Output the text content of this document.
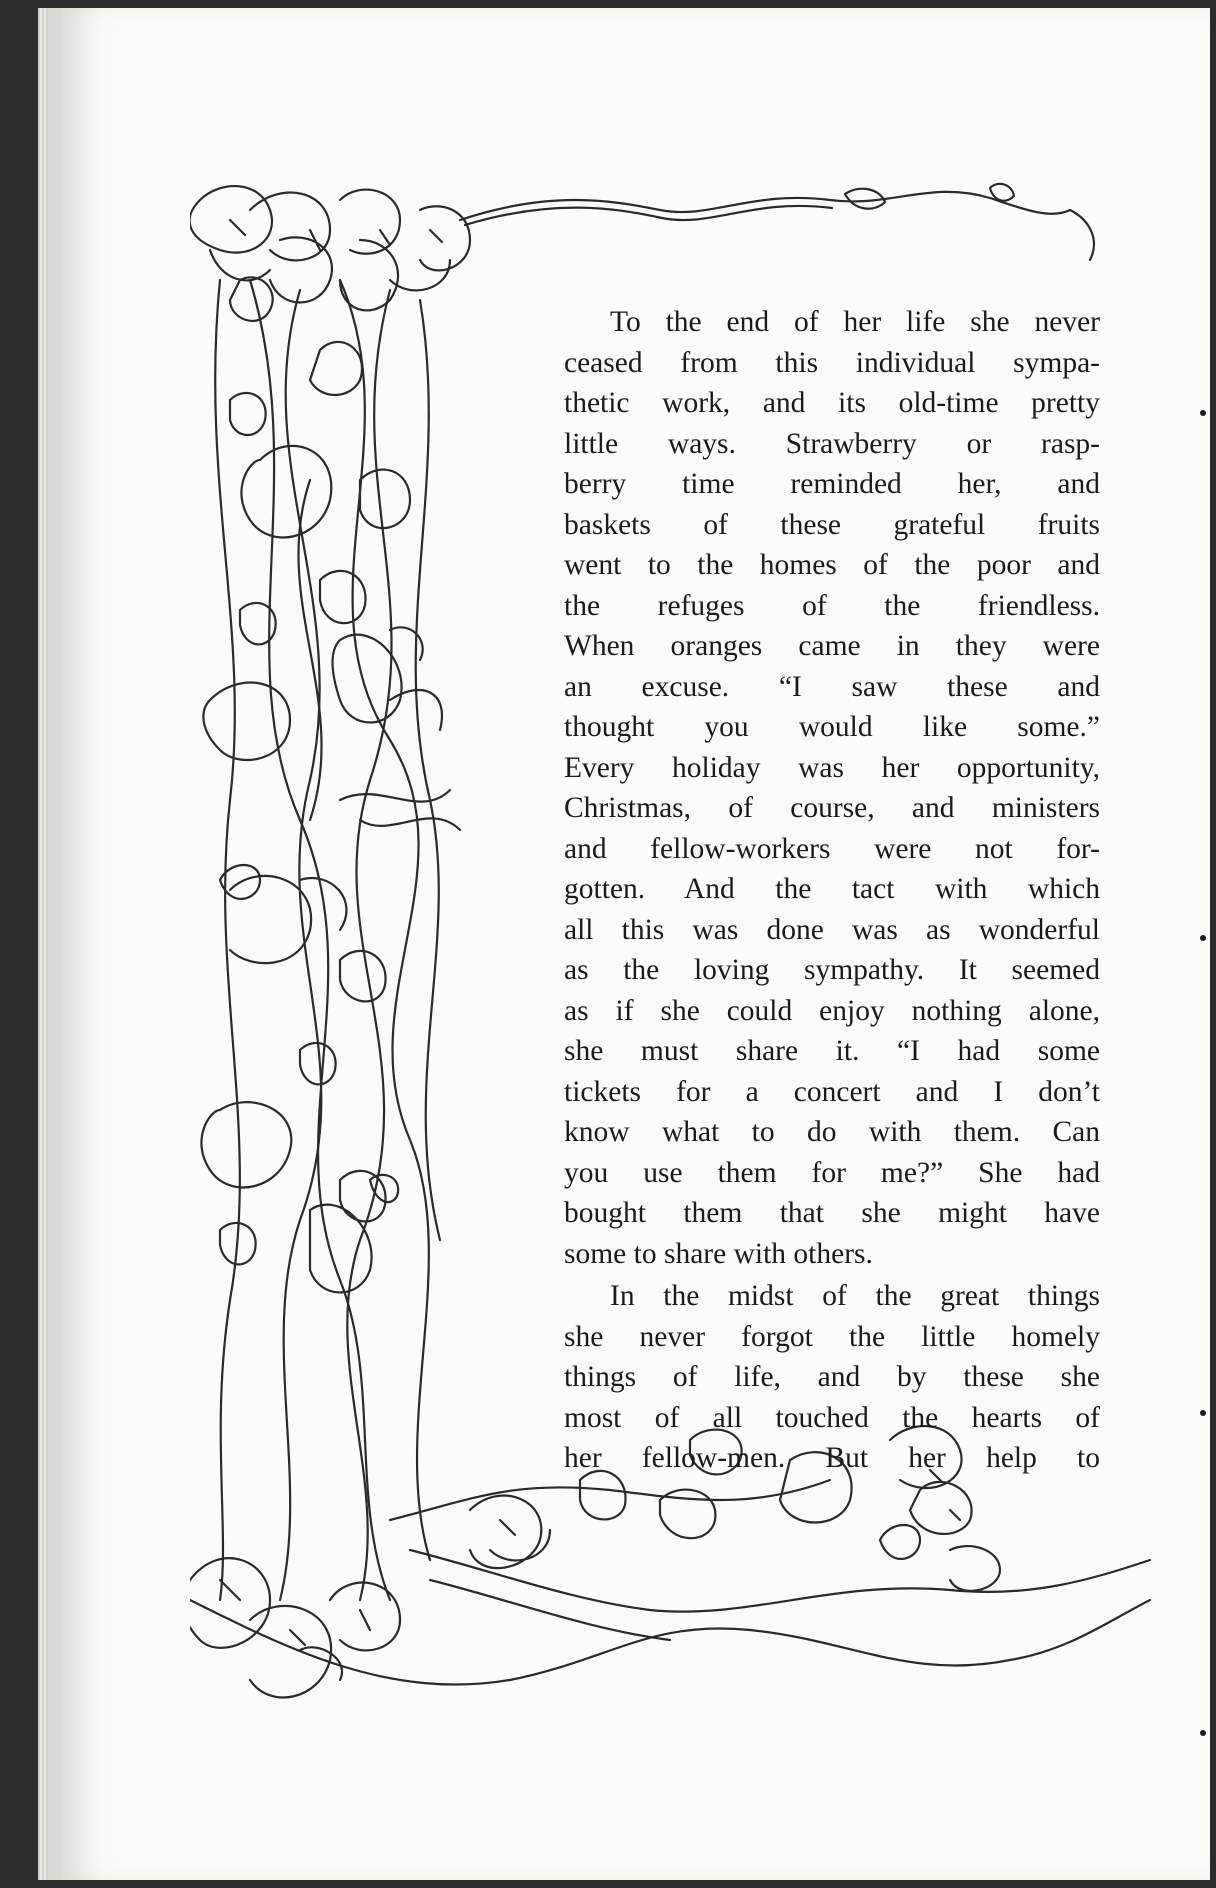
To the end of her life she never
ceased from this individual sympa-
thetic work, and its old-time pretty
little ways. Strawberry or rasp-
berry time reminded her, and
baskets of these grateful fruits
went to the homes of the poor and
the refuges of the friendless.
When oranges came in they were
an excuse. “I saw these and
thought you would like some.”
Every holiday was her opportunity,
Christmas, of course, and ministers
and fellow-workers were not for-
gotten. And the tact with which
all this was done was as wonderful
as the loving sympathy. It seemed
as if she could enjoy nothing alone,
she must share it. “I had some
tickets for a concert and I don’t
know what to do with them. Can
you use them for me?” She had
bought them that she might have
some to share with others.

In the midst of the great things
she never forgot the little homely
things of life, and by these she
most of all touched the hearts of
her fellow-men. But her help to
